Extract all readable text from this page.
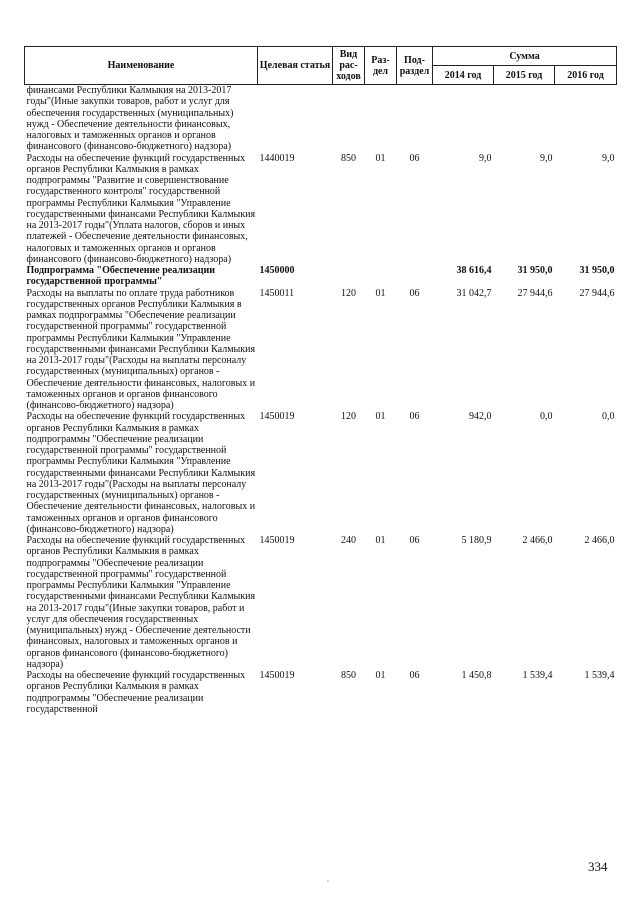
Наименование	Целевая статья	Вид рас-ходов	Раз-дел	Под-раздел	Сумма		
					2014 год	2015 год	2016 год
финансами Республики Калмыкия на 2013-2017 годы"(Иные закупки товаров, работ и услуг для обеспечения государственных (муниципальных) нужд - Обеспечение деятельности финансовых, налоговых и таможенных органов и органов финансового (финансово-бюджетного) надзора)							
Расходы на обеспечение функций государственных органов Республики Калмыкия в рамках подпрограммы "Развитие и совершенствование государственного контроля" государственной программы Республики Калмыкия "Управление государственными финансами Республики Калмыкия на 2013-2017 годы"(Уплата налогов, сборов и иных платежей - Обеспечение деятельности финансовых, налоговых и таможенных органов и органов финансового (финансово-бюджетного) надзора)	1440019	850	01	06	9,0	9,0	9,0
Подпрограмма "Обеспечение реализации государственной программы"	1450000				38 616,4	31 950,0	31 950,0
Расходы на выплаты по оплате труда работников государственных органов Республики Калмыкия в рамках подпрограммы "Обеспечение реализации государственной программы" государственной программы Республики Калмыкия "Управление государственными финансами Республики Калмыкия на 2013-2017 годы"(Расходы на выплаты персоналу государственных (муниципальных) органов - Обеспечение деятельности финансовых, налоговых и таможенных органов и органов финансового (финансово-бюджетного) надзора)	1450011	120	01	06	31 042,7	27 944,6	27 944,6
Расходы на обеспечение функций государственных органов Республики Калмыкия в рамках подпрограммы "Обеспечение реализации государственной программы" государственной программы Республики Калмыкия "Управление государственными финансами Республики Калмыкия на 2013-2017 годы"(Расходы на выплаты персоналу государственных (муниципальных) органов - Обеспечение деятельности финансовых, налоговых и таможенных органов и органов финансового (финансово-бюджетного) надзора)	1450019	120	01	06	942,0	0,0	0,0
Расходы на обеспечение функций государственных органов Республики Калмыкия в рамках подпрограммы "Обеспечение реализации государственной программы" государственной программы Республики Калмыкия "Управление государственными финансами Республики Калмыкия на 2013-2017 годы"(Иные закупки товаров, работ и услуг для обеспечения государственных (муниципальных) нужд - Обеспечение деятельности финансовых, налоговых и таможенных органов и органов финансового (финансово-бюджетного) надзора)	1450019	240	01	06	5 180,9	2 466,0	2 466,0
Расходы на обеспечение функций государственных органов Республики Калмыкия в рамках подпрограммы "Обеспечение реализации государственной	1450019	850	01	06	1 450,8	1 539,4	1 539,4
,
334
